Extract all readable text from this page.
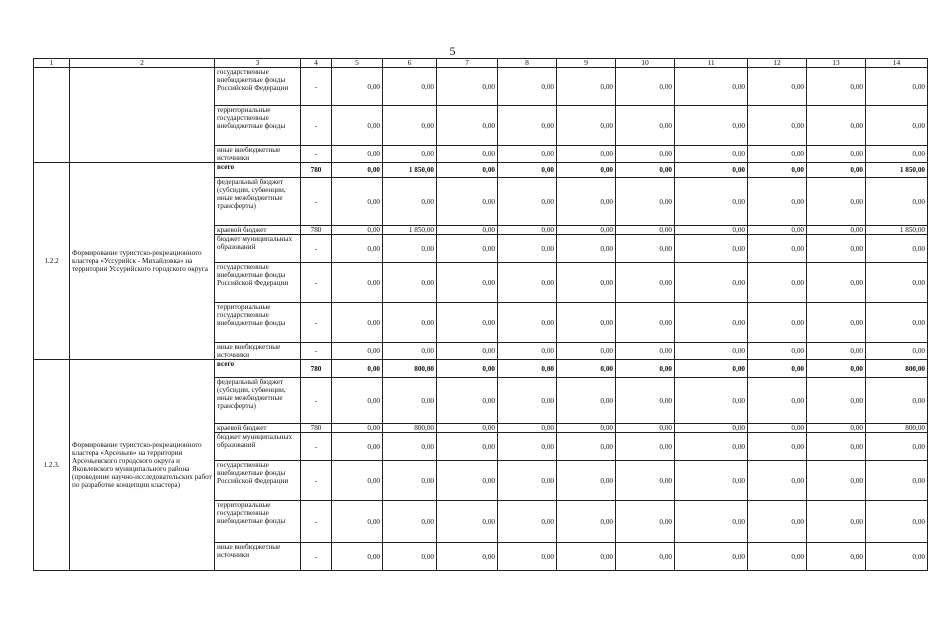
5
1	2	3	4	5	6	7	8	9	10	11	12	13	14
		государственные внебюджетные фонды Российской Федерации	-	0,00	0,00	0,00	0,00	0,00	0,00	0,00	0,00	0,00	0,00
		территориальные государственные внебюджетные фонды	-	0,00	0,00	0,00	0,00	0,00	0,00	0,00	0,00	0,00	0,00
		иные внебюджетные источники	-	0,00	0,00	0,00	0,00	0,00	0,00	0,00	0,00	0,00	0,00
1.2.2	Формирование туристско-рекреационного кластера «Уссурийск - Михайловка» на территории Уссурийского городского округа	всего	780	0,00	1 850,00	0,00	0,00	0,00	0,00	0,00	0,00	0,00	1 850,00
		федеральный бюджет (субсидии, субвенции, иные межбюджетные трансферты)	-	0,00	0,00	0,00	0,00	0,00	0,00	0,00	0,00	0,00	0,00
		краевой бюджет	780	0,00	1 850,00	0,00	0,00	0,00	0,00	0,00	0,00	0,00	1 850,00
		бюджет муниципальных образований	-	0,00	0,00	0,00	0,00	0,00	0,00	0,00	0,00	0,00	0,00
		государственные внебюджетные фонды Российской Федерации	-	0,00	0,00	0,00	0,00	0,00	0,00	0,00	0,00	0,00	0,00
		территориальные государственные внебюджетные фонды	-	0,00	0,00	0,00	0,00	0,00	0,00	0,00	0,00	0,00	0,00
		иные внебюджетные источники	-	0,00	0,00	0,00	0,00	0,00	0,00	0,00	0,00	0,00	0,00
1.2.3.	Формирование туристско-рекреационного кластера «Арсеньев» на территории Арсеньевского городского округа и Яковлевского муниципального района (проведение научно-исследовательских работ по разработке концепции кластера)	всего	780	0,00	800,00	0,00	0,00	0,00	0,00	0,00	0,00	0,00	800,00
		федеральный бюджет (субсидии, субвенции, иные межбюджетные трансферты)	-	0,00	0,00	0,00	0,00	0,00	0,00	0,00	0,00	0,00	0,00
		краевой бюджет	780	0,00	800,00	0,00	0,00	0,00	0,00	0,00	0,00	0,00	800,00
		бюджет муниципальных образований	-	0,00	0,00	0,00	0,00	0,00	0,00	0,00	0,00	0,00	0,00
		государственные внебюджетные фонды Российской Федерации	-	0,00	0,00	0,00	0,00	0,00	0,00	0,00	0,00	0,00	0,00
		территориальные государственные внебюджетные фонды	-	0,00	0,00	0,00	0,00	0,00	0,00	0,00	0,00	0,00	0,00
		иные внебюджетные источники	-	0,00	0,00	0,00	0,00	0,00	0,00	0,00	0,00	0,00	0,00
